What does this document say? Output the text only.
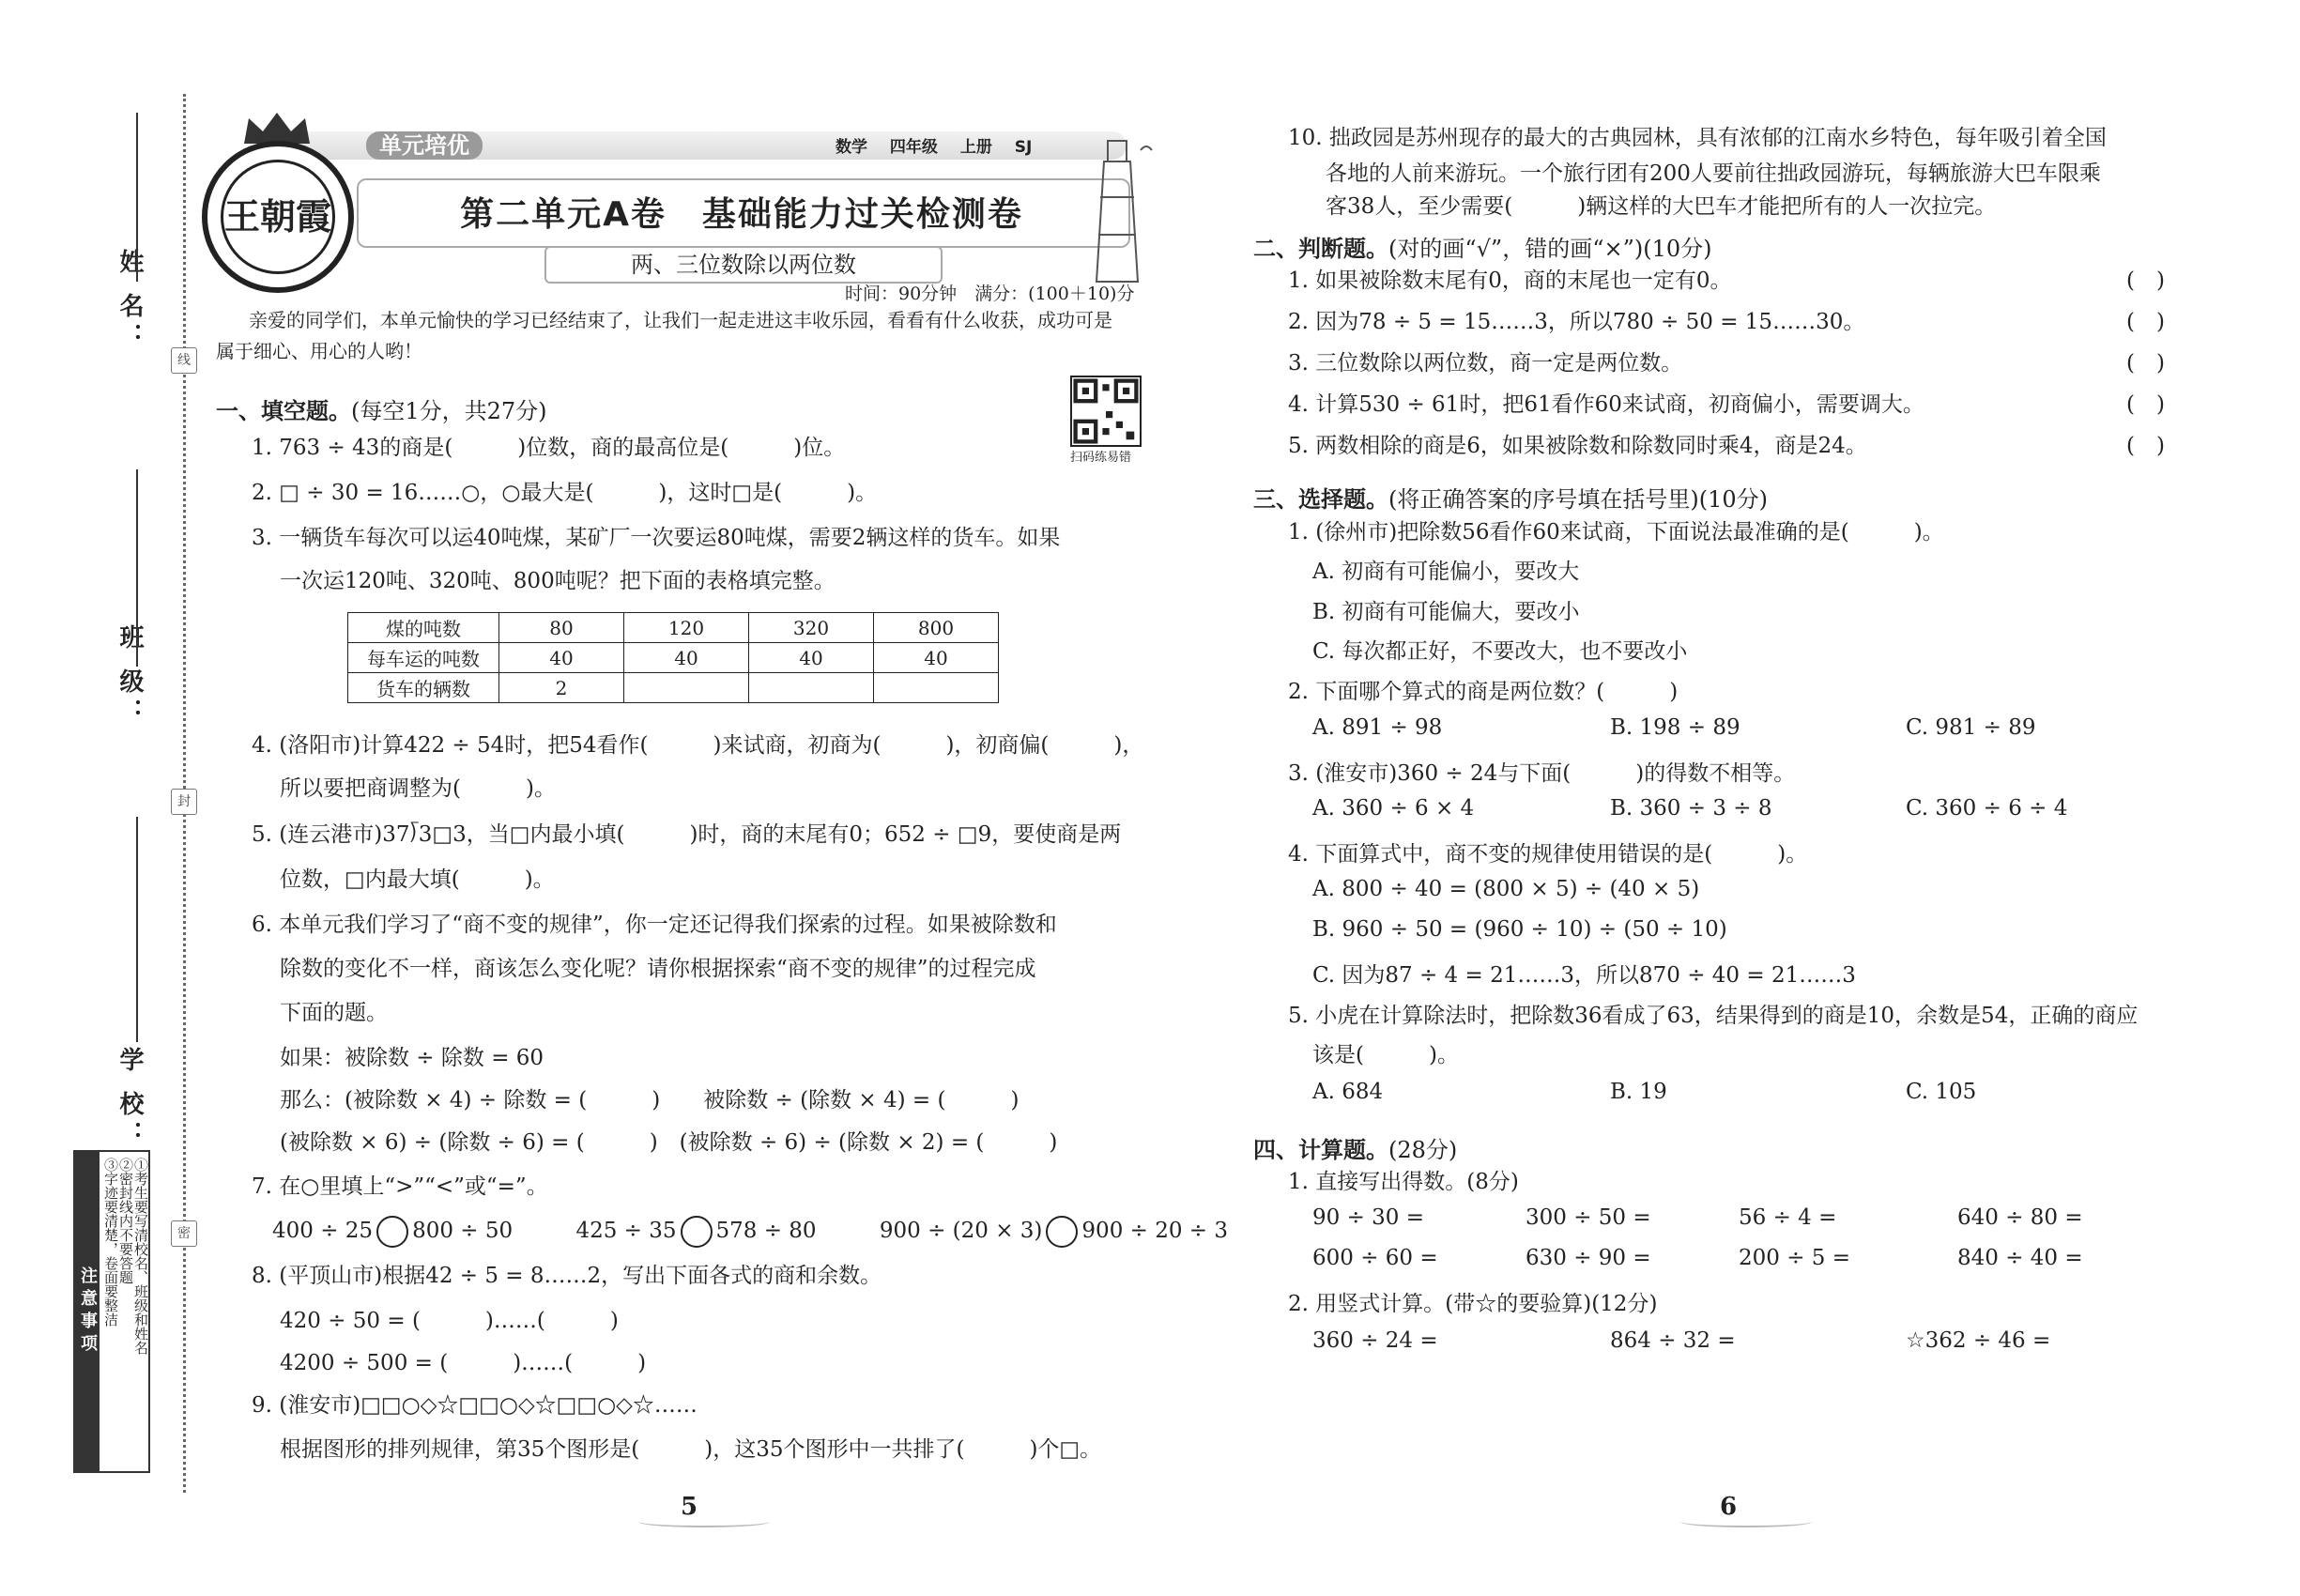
姓 名：
班 级：
学 校：
线
封
密
注意事项 ①考生要写清校名、班级和姓名
②密封线内不要答题
③字迹要清楚，卷面要整洁
单元培优	数学 四年级 上册 SJ
王朝霞	第二单元A卷　基础能力过关检测卷
两、三位数除以两位数
时间：90分钟　满分：(100＋10)分
亲爱的同学们，本单元愉快的学习已经结束了，让我们一起走进这丰收乐园，看看有什么收获，成功可是
属于细心、用心的人哟！
扫码练易错
一、填空题。(每空1分，共27分)
1. 763 ÷ 43的商是(　　　)位数，商的最高位是(　　　)位。
2. □ ÷ 30 = 16……○，○最大是(　　　)，这时□是(　　　)。
3. 一辆货车每次可以运40吨煤，某矿厂一次要运80吨煤，需要2辆这样的货车。如果
一次运120吨、320吨、800吨呢？把下面的表格填完整。
煤的吨数	80	120	320	800
每车运的吨数	40	40	40	40
货车的辆数	2			
4. (洛阳市)计算422 ÷ 54时，把54看作(　　　)来试商，初商为(　　　)，初商偏(　　　)，
所以要把商调整为(　　　)。
5. (连云港市)37⟌3□3，当□内最小填(　　　)时，商的末尾有0；652 ÷ □9，要使商是两
位数，□内最大填(　　　)。
6. 本单元我们学习了“商不变的规律”，你一定还记得我们探索的过程。如果被除数和
除数的变化不一样，商该怎么变化呢？请你根据探索“商不变的规律”的过程完成
下面的题。
如果：被除数 ÷ 除数 = 60
那么：(被除数 × 4) ÷ 除数 = (　　　)　　被除数 ÷ (除数 × 4) = (　　　)
(被除数 × 6) ÷ (除数 ÷ 6) = (　　　)　(被除数 ÷ 6) ÷ (除数 × 2) = (　　　)
7. 在○里填上“>”“<”或“=”。
400 ÷ 25 800 ÷ 50	425 ÷ 35 578 ÷ 80	900 ÷ (20 × 3) 900 ÷ 20 ÷ 3
8. (平顶山市)根据42 ÷ 5 = 8……2，写出下面各式的商和余数。
420 ÷ 50 = (　　　)……(　　　)
4200 ÷ 500 = (　　　)……(　　　)
9. (淮安市)□□○◇☆□□○◇☆□□○◇☆……
根据图形的排列规律，第35个图形是(　　　)，这35个图形中一共排了(　　　)个□。
5
10. 拙政园是苏州现存的最大的古典园林，具有浓郁的江南水乡特色，每年吸引着全国
各地的人前来游玩。一个旅行团有200人要前往拙政园游玩，每辆旅游大巴车限乘
客38人，至少需要(　　　)辆这样的大巴车才能把所有的人一次拉完。
二、判断题。(对的画“√”，错的画“×”)(10分)
1. 如果被除数末尾有0，商的末尾也一定有0。
2. 因为78 ÷ 5 = 15……3，所以780 ÷ 50 = 15……30。
3. 三位数除以两位数，商一定是两位数。
4. 计算530 ÷ 61时，把61看作60来试商，初商偏小，需要调大。
5. 两数相除的商是6，如果被除数和除数同时乘4，商是24。
(　)
(　)
(　)
(　)
(　)
三、选择题。(将正确答案的序号填在括号里)(10分)
1. (徐州市)把除数56看作60来试商，下面说法最准确的是(　　　)。
A. 初商有可能偏小，要改大
B. 初商有可能偏大，要改小
C. 每次都正好，不要改大，也不要改小
2. 下面哪个算式的商是两位数？(　　　)
A. 891 ÷ 98	B. 198 ÷ 89	C. 981 ÷ 89
3. (淮安市)360 ÷ 24与下面(　　　)的得数不相等。
A. 360 ÷ 6 × 4	B. 360 ÷ 3 ÷ 8	C. 360 ÷ 6 ÷ 4
4. 下面算式中，商不变的规律使用错误的是(　　　)。
A. 800 ÷ 40 = (800 × 5) ÷ (40 × 5)
B. 960 ÷ 50 = (960 ÷ 10) ÷ (50 ÷ 10)
C. 因为87 ÷ 4 = 21……3，所以870 ÷ 40 = 21……3
5. 小虎在计算除法时，把除数36看成了63，结果得到的商是10，余数是54，正确的商应
该是(　　　)。
A. 684	B. 19	C. 105
四、计算题。(28分)
1. 直接写出得数。(8分)
90 ÷ 30 =	300 ÷ 50 =	56 ÷ 4 =	640 ÷ 80 =
600 ÷ 60 =	630 ÷ 90 =	200 ÷ 5 =	840 ÷ 40 =
2. 用竖式计算。(带☆的要验算)(12分)
360 ÷ 24 =	864 ÷ 32 =	☆362 ÷ 46 =
6
